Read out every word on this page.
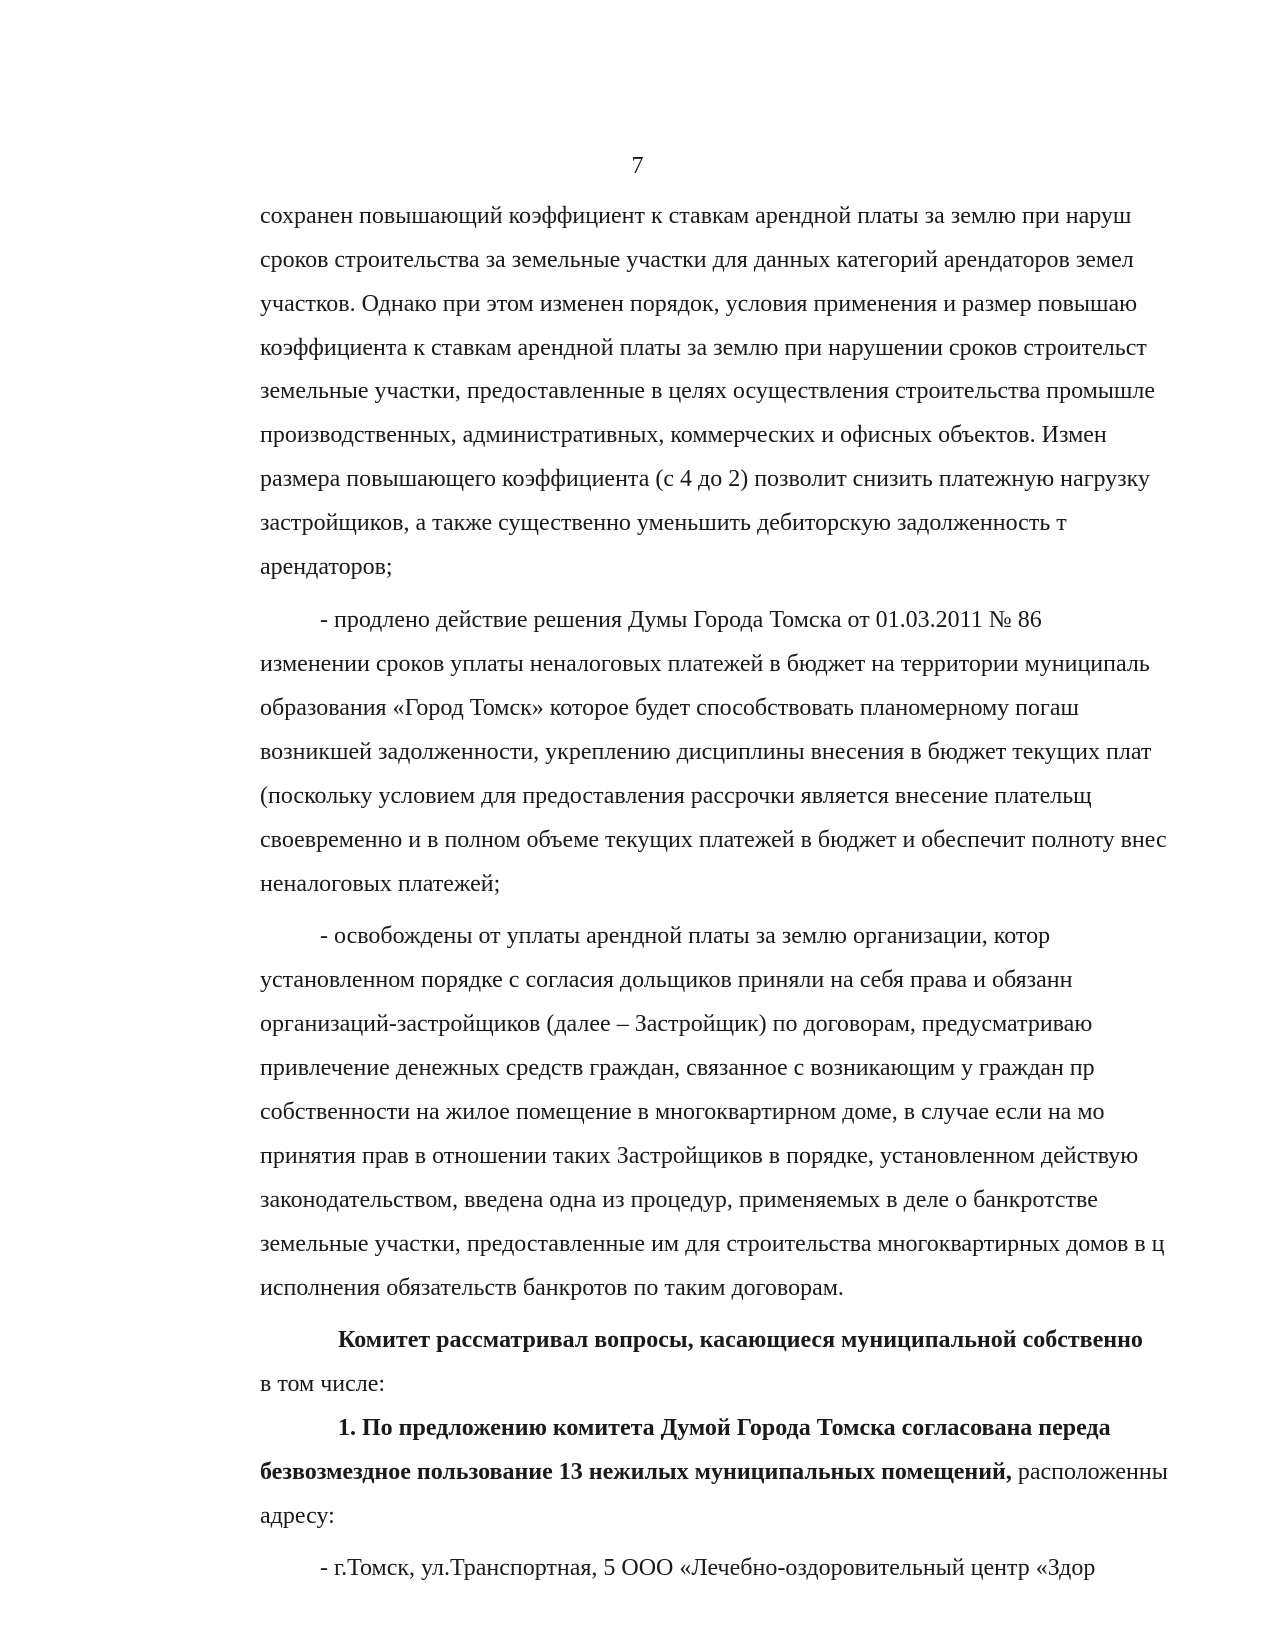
7
сохранен повышающий коэффициент к ставкам арендной платы за землю при наруш
сроков строительства за земельные участки для данных категорий арендаторов земел
участков. Однако при этом изменен порядок, условия применения и размер повышаю
коэффициента к ставкам арендной платы за землю при нарушении сроков строительст
земельные участки, предоставленные в целях осуществления строительства промышле
производственных, административных, коммерческих и офисных объектов. Измен
размера повышающего коэффициента (с 4 до 2) позволит снизить платежную нагрузку
застройщиков, а также существенно уменьшить дебиторскую задолженность т
арендаторов;
- продлено действие решения Думы Города Томска от 01.03.2011 № 86
изменении сроков уплаты неналоговых платежей в бюджет на территории муниципаль
образования «Город Томск» которое будет способствовать планомерному погаш
возникшей задолженности, укреплению дисциплины внесения в бюджет текущих плат
(поскольку условием для предоставления рассрочки является внесение плательщ
своевременно и в полном объеме текущих платежей в бюджет и обеспечит полноту внес
неналоговых платежей;
- освобождены от уплаты арендной платы за землю организации, котор
установленном порядке с согласия дольщиков приняли на себя права и обязанн
организаций-застройщиков (далее – Застройщик) по договорам, предусматриваю
привлечение денежных средств граждан, связанное с возникающим у граждан пр
собственности на жилое помещение в многоквартирном доме, в случае если на мо
принятия прав в отношении таких Застройщиков в порядке, установленном действую
законодательством, введена одна из процедур, применяемых в деле о банкротстве
земельные участки, предоставленные им для строительства многоквартирных домов в ц
исполнения обязательств банкротов по таким договорам.
Комитет рассматривал вопросы, касающиеся муниципальной собственно
в том числе:
1. По предложению комитета Думой Города Томска согласована переда
безвозмездное пользование 13 нежилых муниципальных помещений, расположенны
адресу:
- г.Томск, ул.Транспортная, 5 ООО «Лечебно-оздоровительный центр «Здор
